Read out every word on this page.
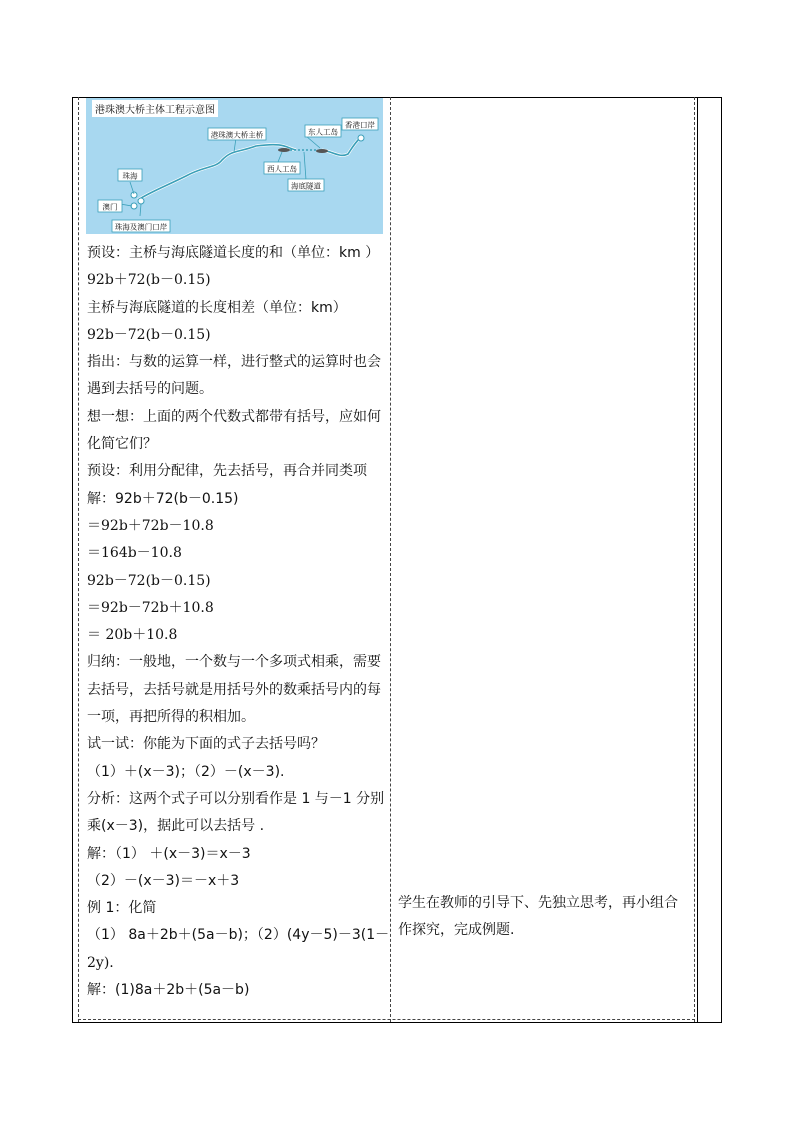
港珠澳大桥主体工程示意图
港珠澳大桥主桥	东人工岛
香港口岸
西人工岛
海底隧道
珠海
澳门
珠海及澳门口岸
预设：主桥与海底隧道长度的和（单位：km ）
92b＋72(b－0.15)
主桥与海底隧道的长度相差（单位：km）
92b－72(b－0.15)
指出：与数的运算一样，进行整式的运算时也会
遇到去括号的问题。
想一想：上面的两个代数式都带有括号，应如何
化简它们？
预设：利用分配律，先去括号，再合并同类项
解：92b＋72(b－0.15)
＝92b＋72b－10.8
＝164b－10.8
92b－72(b－0.15)
＝92b－72b＋10.8
＝ 20b＋10.8
归纳：一般地，一个数与一个多项式相乘，需要
去括号，去括号就是用括号外的数乘括号内的每
一项，再把所得的积相加。
试一试：你能为下面的式子去括号吗？
（1）＋(x－3)；（2）－(x－3).
分析：这两个式子可以分别看作是 1 与－1 分别
乘(x－3)，据此可以去括号 .
解：（1） ＋(x－3)＝x－3
（2）－(x－3)＝－x＋3
例 1：化简
（1） 8a＋2b＋(5a－b)；（2）(4y－5)－3(1－
2y).
解：(1)8a＋2b＋(5a－b)
学生在教师的引导下、先独立思考，再小组合作探究，完成例题.
